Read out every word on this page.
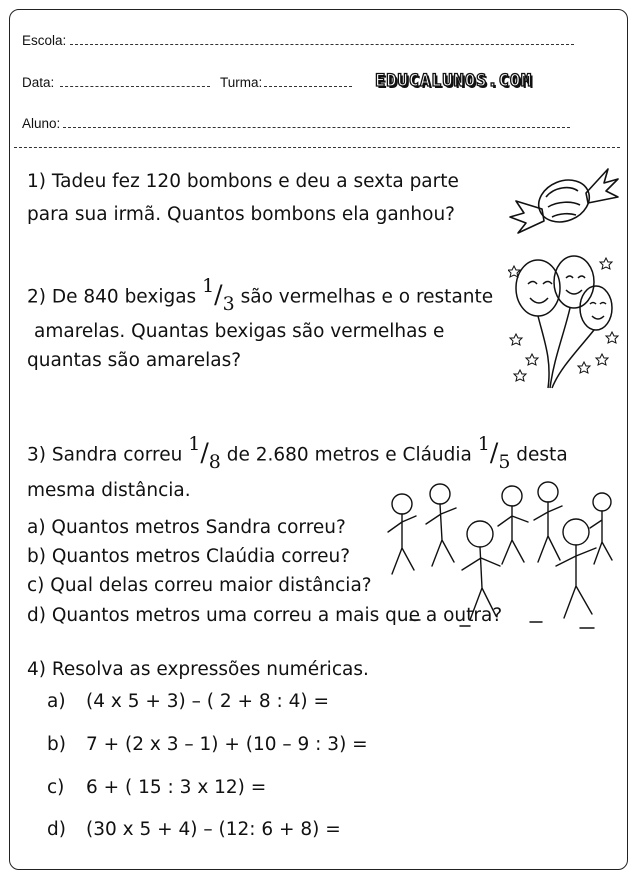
Escola:
Data:	Turma:	EDUCALUNOS.COM
Aluno:
1) Tadeu fez 120 bombons e deu a sexta parte
para sua irmã. Quantos bombons ela ganhou?
2) De 840 bexigas $^1/_3$ são vermelhas e o restante
amarelas. Quantas bexigas são vermelhas e
quantas são amarelas?
3) Sandra correu $^1/_8$ de 2.680 metros e Cláudia $^1/_5$ desta
mesma distância.
a) Quantos metros Sandra correu?
b) Quantos metros Claúdia correu?
c) Qual delas correu maior distância?
d) Quantos metros uma correu a mais que a outra?
4) Resolva as expressões numéricas.
a) (4 x 5 + 3) – ( 2 + 8 : 4) =
b) 7 + (2 x 3 – 1) + (10 – 9 : 3) =
c) 6 + ( 15 : 3 x 12) =
d) (30 x 5 + 4) – (12: 6 + 8) =
